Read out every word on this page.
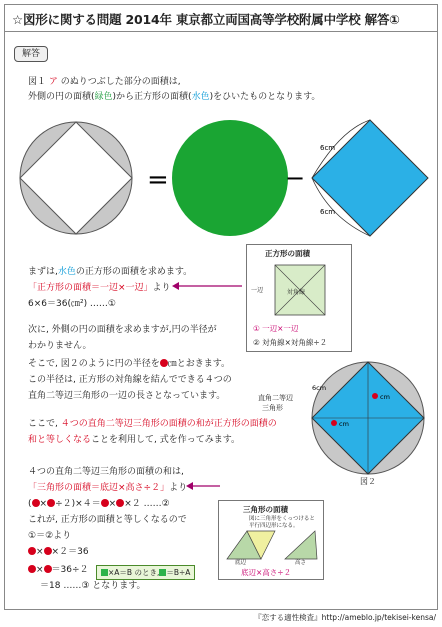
☆図形に関する問題 2014年 東京都立両国高等学校附属中学校 解答①
解答
図１ ア のぬりつぶした部分の面積は,
外側の円の面積(緑色)から正方形の面積(水色)をひいたものとなります。
=	−
6cm
6cm
まずは,水色の正方形の面積を求めます。
「正方形の面積＝一辺×一辺」より
6×6＝36(㎝²) ……①
正方形の面積
一辺	対角線
① 一辺×一辺
② 対角線×対角線÷２
次に, 外側の円の面積を求めますが,円の半径が
わかりません。
そこで, 図２のように円の半径を ㎝とおきます。
この半径は, 正方形の対角線を結んでできる４つの
直角二等辺三角形の一辺の長さとなっています。	cm
cm
6cm
直角二等辺
三角形
図２
ここで, ４つの直角二等辺三角形の面積の和が正方形の面積の
和と等しくなることを利用して, 式を作ってみます。
４つの直角二等辺三角形の面積の和は,
「三角形の面積＝底辺×高さ÷２」より
( × ÷２)×４＝ × ×２ ……②
これが, 正方形の面積と等しくなるので
①＝②より
× ×２＝36
× ＝36÷２
＝18 ……③ となります。
×A＝B のとき, ＝B÷A
三角形の面積
図に三角形をくっつけると
平行四辺形になる。
底辺	高さ
底辺×高さ÷２
『恋する適性検査』http://ameblo.jp/tekisei-kensa/
